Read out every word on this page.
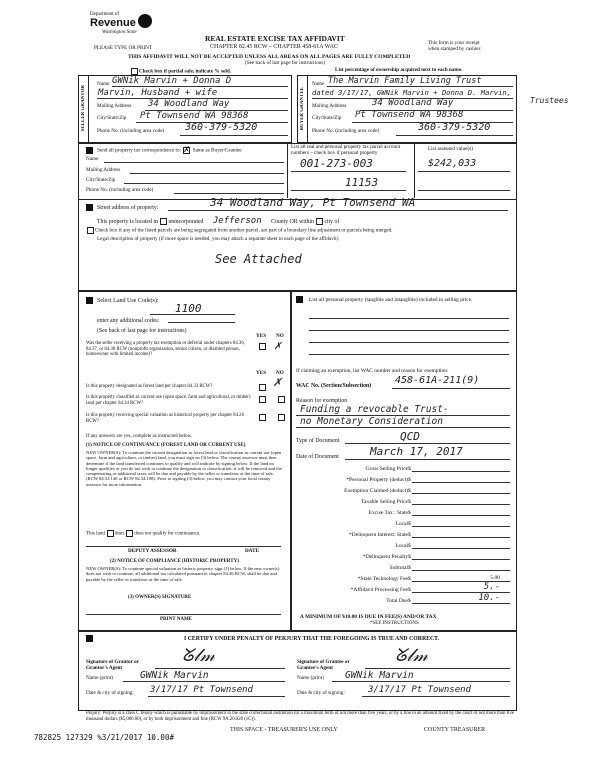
Department of
Revenue
Washington State
REAL ESTATE EXCISE TAX AFFIDAVIT
PLEASE TYPE OR PRINT	CHAPTER 82.45 RCW – CHAPTER 458-61A WAC
This form is your receipt
when stamped by cashier.
THIS AFFIDAVIT WILL NOT BE ACCEPTED UNLESS ALL AREAS ON ALL PAGES ARE FULLY COMPLETED
(See back of last page for instructions)
Check box if partial sale, indicate % sold.	List percentage of ownership acquired next to each name.
SELLER GRANTOR	BUYER GRANTEE
Name GWNik Marvin + Donna D
Marvin, Husband + wife
Mailing Address 34 Woodland Way
City/State/Zip Pt Townsend WA 98368
Phone No. (including area code) 360-379-5320
Name The Marvin Family Living Trust
dated 3/17/17, GWNik Marvin + Donna D. Marvin,
Trustees
Mailing Address	34 Woodland Way
City/State/Zip Pt Townsend WA 98368
Phone No. (including area code)	360-379-5320
Send all property tax correspondence to: ✗ Same as Buyer/Grantee
List all real and personal property tax parcel account numbers – check box if personal property
List assessed value(s)
Name
Mailing Address
City/State/Zip
Phone No. (including area code)
001-273-003
11153
$242,033
Street address of property:	34 Woodland Way, Pt Townsend WA
This property is located in unincorporated Jefferson County OR within city of
Check box if any of the listed parcels are being segregated from another parcel, are part of a boundary line adjustment or parcels being merged.
Legal description of property (if more space is needed, you may attach a separate sheet to each page of the affidavit)
See Attached
Select Land Use Code(s):
1100
enter any additional codes:
(See back of last page for instructions)
YES NO
Was the seller receiving a property tax exemption or deferral under chapters 84.36, 84.37, or 84.38 RCW (nonprofit organization, senior citizen, or disabled person, homeowner with limited income)?
✗
YES NO
Is this property designated as forest land per chapter 84.33 RCW?	✗
Is this property classified as current use (open space, farm and agricultural, or timber) land per chapter 84.34 RCW?
Is this property receiving special valuation as historical property per chapter 84.26 RCW?
If any answers are yes, complete as instructed below.
(1) NOTICE OF CONTINUANCE (FOREST LAND OR CURRENT USE)
NEW OWNER(S): To continue the current designation as forest land or classification as current use (open space, farm and agriculture, or timber) land, you must sign on (3) below. The county assessor must then determine if the land transferred continues to qualify and will indicate by signing below. If the land no longer qualifies or you do not wish to continue the designation or classification, it will be removed and the compensating or additional taxes will be due and payable by the seller or transferor at the time of sale. (RCW 84.33.140 or RCW 84.34.108). Prior to signing (3) below, you may contact your local county assessor for more information.
This land does does not qualify for continuance.
DEPUTY ASSESSOR	DATE
(2) NOTICE OF COMPLIANCE (HISTORIC PROPERTY)
NEW OWNER(S): To continue special valuation as historic property, sign (3) below. If the new owner(s) does not wish to continue, all additional tax calculated pursuant to chapter 84.26 RCW, shall be due and payable by the seller or transferor at the time of sale.
(3) OWNER(S) SIGNATURE
PRINT NAME
List all personal property (tangible and intangible) included in selling price.
If claiming an exemption, list WAC number and reason for exemption:
WAC No. (Section/Subsection) 458-61A-211(9)
Reason for exemption
Funding a revocable Trust-
no Monetary Consideration
Type of Document	QCD
Date of Document	March 17, 2017
Gross Selling Price $
*Personal Property (deduct) $
Exemption Claimed (deduct) $
Taxable Selling Price $
Excise Tax : State $
Local $
*Delinquent Interest: State $
Local $
*Delinquent Penalty $
Subtotal $
*State Technology Fee $	5.00
*Affidavit Processing Fee $	5.-
Total Due $	10.-
A MINIMUM OF $10.00 IS DUE IN FEE(S) AND/OR TAX
*SEE INSTRUCTIONS
I CERTIFY UNDER PENALTY OF PERJURY THAT THE FOREGOING IS TRUE AND CORRECT.
Signature of Grantor or Grantor's Agent
ᘜ𝓁𝓂
Name (print)	GWNik Marvin
Date & city of signing: 3/17/17 Pt Townsend
Signature of Grantee or Grantee's Agent
ᘜ𝓁𝓂
Name (print) GWNik Marvin
Date & city of signing:	3/17/17 Pt Townsend
Perjury: Perjury is a class C felony which is punishable by imprisonment in the state correctional institution for a maximum term of not more than five years, or by a fine in an amount fixed by the court of not more than five thousand dollars ($5,000.00), or by both imprisonment and fine (RCW 9A.20.020 (1C)).
782825 127329 %3/21/2017 10.00#
THIS SPACE - TREASURER'S USE ONLY	COUNTY TREASURER
